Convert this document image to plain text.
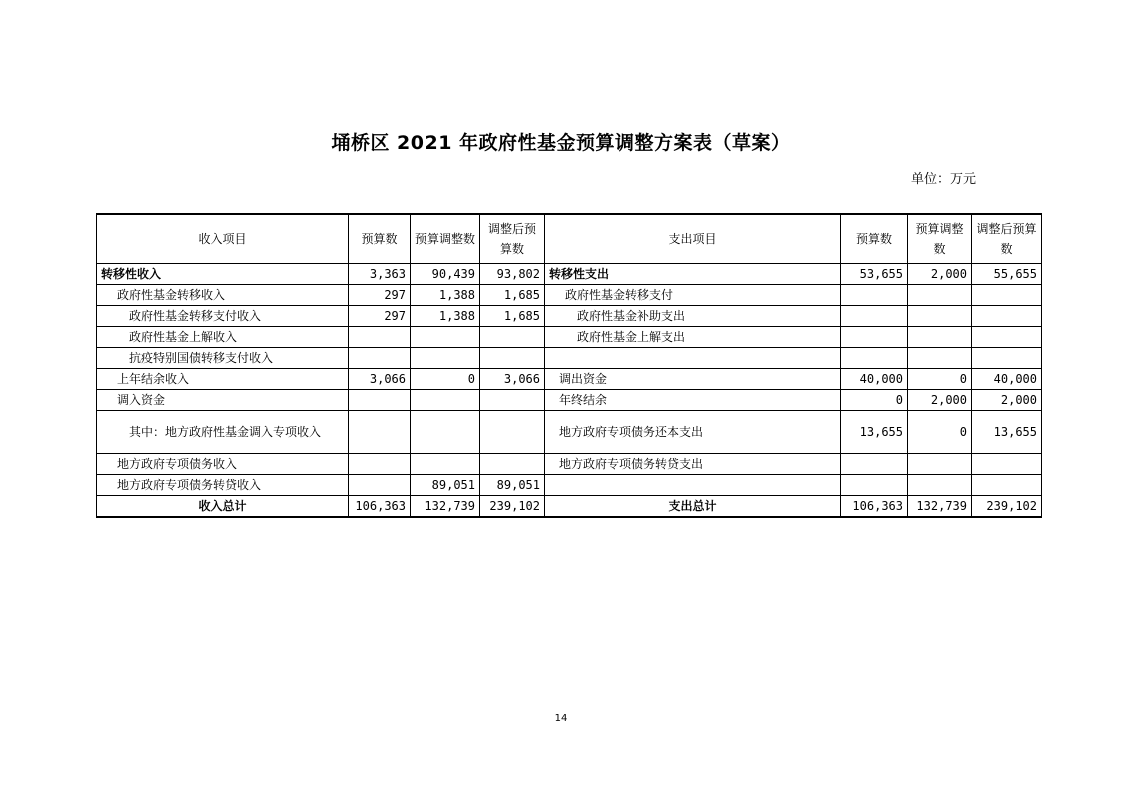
埇桥区 2021 年政府性基金预算调整方案表（草案）
单位：万元
收入项目	预算数	预算调整数	调整后预算数	支出项目	预算数	预算调整数	调整后预算数
转移性收入	3,363	90,439	93,802	转移性支出	53,655	2,000	55,655
政府性基金转移收入	297	1,388	1,685	政府性基金转移支付			
政府性基金转移支付收入	297	1,388	1,685	政府性基金补助支出			
政府性基金上解收入				政府性基金上解支出			
抗疫特别国债转移支付收入							
上年结余收入	3,066	0	3,066	调出资金	40,000	0	40,000
调入资金				年终结余	0	2,000	2,000
其中：地方政府性基金调入专项收入				地方政府专项债务还本支出	13,655	0	13,655
地方政府专项债务收入				地方政府专项债务转贷支出			
地方政府专项债务转贷收入		89,051	89,051				
收入总计	106,363	132,739	239,102	支出总计	106,363	132,739	239,102
14
